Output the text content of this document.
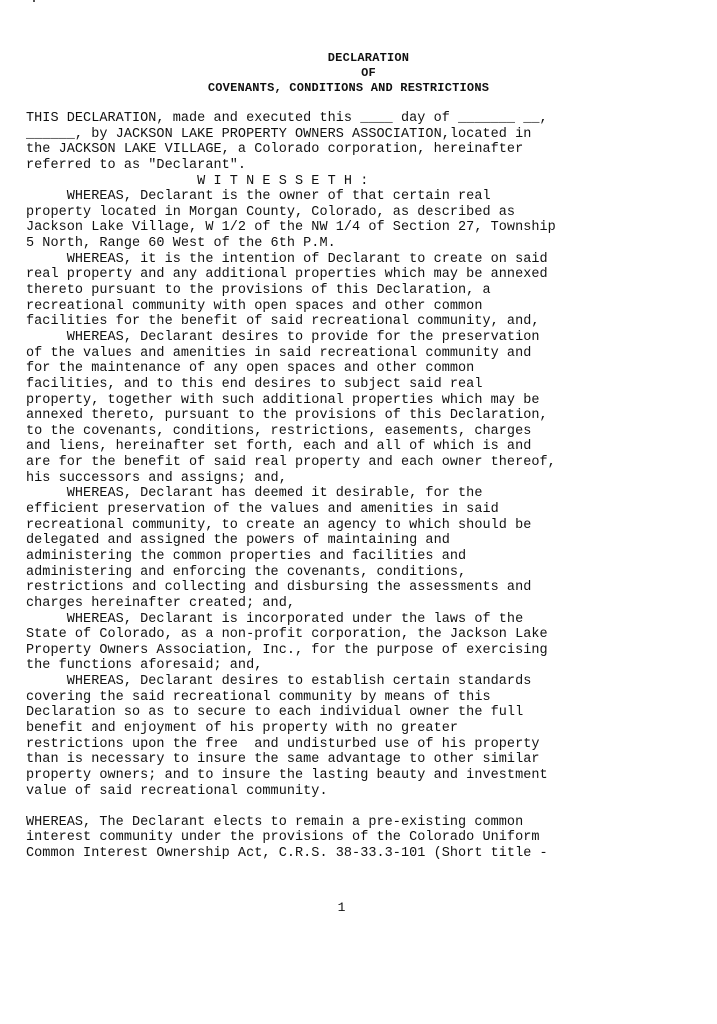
DECLARATION
OF
COVENANTS, CONDITIONS AND RESTRICTIONS
THIS DECLARATION, made and executed this ____ day of _______ __,
______, by JACKSON LAKE PROPERTY OWNERS ASSOCIATION,located in
the JACKSON LAKE VILLAGE, a Colorado corporation, hereinafter
referred to as "Declarant".
W I T N E S S E T H :
WHEREAS, Declarant is the owner of that certain real
property located in Morgan County, Colorado, as described as
Jackson Lake Village, W 1/2 of the NW 1/4 of Section 27, Township
5 North, Range 60 West of the 6th P.M.
WHEREAS, it is the intention of Declarant to create on said
real property and any additional properties which may be annexed
thereto pursuant to the provisions of this Declaration, a
recreational community with open spaces and other common
facilities for the benefit of said recreational community, and,
WHEREAS, Declarant desires to provide for the preservation
of the values and amenities in said recreational community and
for the maintenance of any open spaces and other common
facilities, and to this end desires to subject said real
property, together with such additional properties which may be
annexed thereto, pursuant to the provisions of this Declaration,
to the covenants, conditions, restrictions, easements, charges
and liens, hereinafter set forth, each and all of which is and
are for the benefit of said real property and each owner thereof,
his successors and assigns; and,
WHEREAS, Declarant has deemed it desirable, for the
efficient preservation of the values and amenities in said
recreational community, to create an agency to which should be
delegated and assigned the powers of maintaining and
administering the common properties and facilities and
administering and enforcing the covenants, conditions,
restrictions and collecting and disbursing the assessments and
charges hereinafter created; and,
WHEREAS, Declarant is incorporated under the laws of the
State of Colorado, as a non-profit corporation, the Jackson Lake
Property Owners Association, Inc., for the purpose of exercising
the functions aforesaid; and,
WHEREAS, Declarant desires to establish certain standards
covering the said recreational community by means of this
Declaration so as to secure to each individual owner the full
benefit and enjoyment of his property with no greater
restrictions upon the free  and undisturbed use of his property
than is necessary to insure the same advantage to other similar
property owners; and to insure the lasting beauty and investment
value of said recreational community.
WHEREAS, The Declarant elects to remain a pre-existing common
interest community under the provisions of the Colorado Uniform
Common Interest Ownership Act, C.R.S. 38-33.3-101 (Short title -
1
